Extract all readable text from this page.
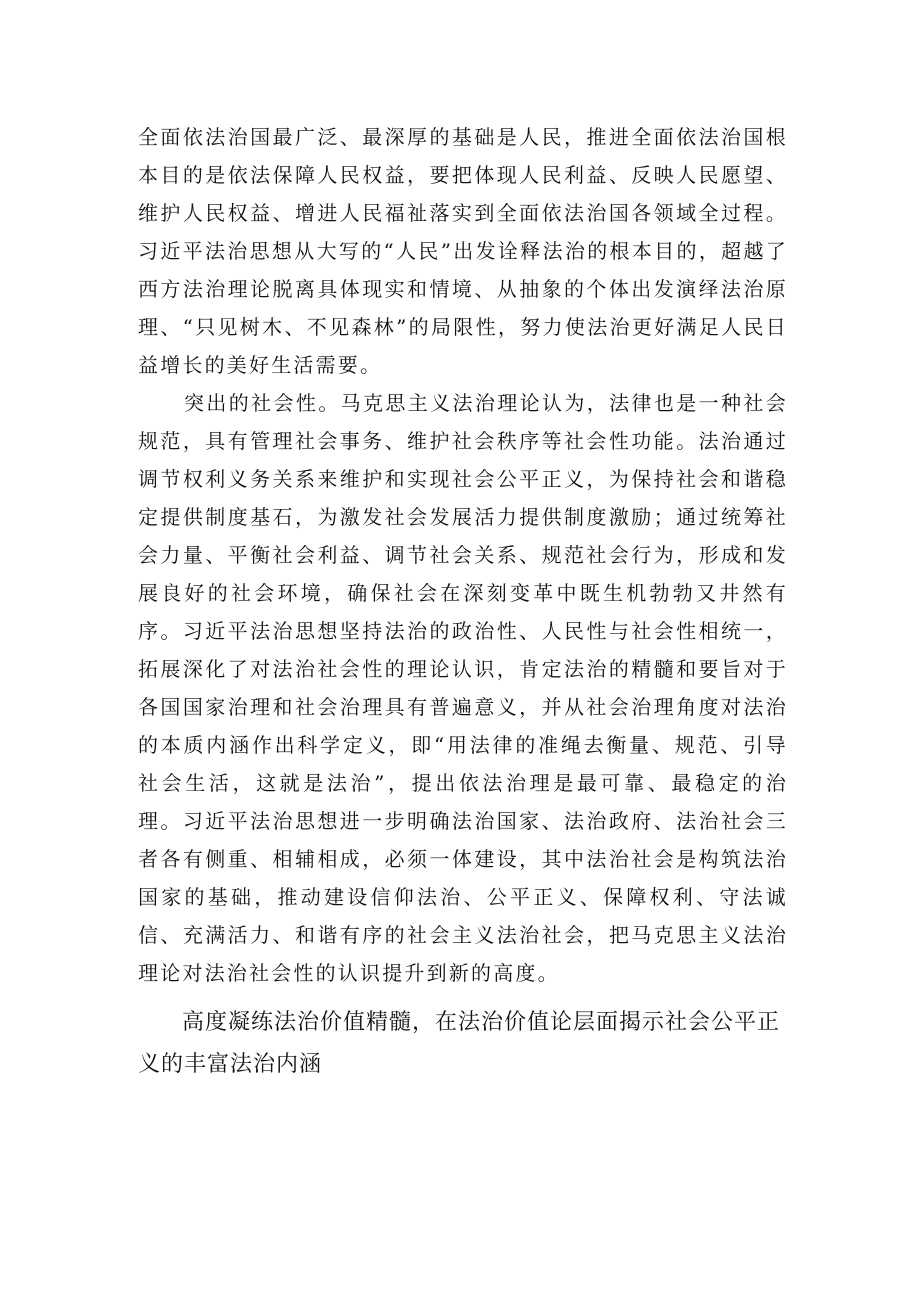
全面依法治国最广泛、最深厚的基础是人民，推进全面依法治国根本目的是依法保障人民权益，要把体现人民利益、反映人民愿望、维护人民权益、增进人民福祉落实到全面依法治国各领域全过程。习近平法治思想从大写的“人民”出发诠释法治的根本目的，超越了西方法治理论脱离具体现实和情境、从抽象的个体出发演绎法治原理、“只见树木、不见森林”的局限性，努力使法治更好满足人民日益增长的美好生活需要。

突出的社会性。马克思主义法治理论认为，法律也是一种社会规范，具有管理社会事务、维护社会秩序等社会性功能。法治通过调节权利义务关系来维护和实现社会公平正义，为保持社会和谐稳定提供制度基石，为激发社会发展活力提供制度激励；通过统筹社会力量、平衡社会利益、调节社会关系、规范社会行为，形成和发展良好的社会环境，确保社会在深刻变革中既生机勃勃又井然有序。习近平法治思想坚持法治的政治性、人民性与社会性相统一，拓展深化了对法治社会性的理论认识，肯定法治的精髓和要旨对于各国国家治理和社会治理具有普遍意义，并从社会治理角度对法治的本质内涵作出科学定义，即“用法律的准绳去衡量、规范、引导社会生活，这就是法治”，提出依法治理是最可靠、最稳定的治理。习近平法治思想进一步明确法治国家、法治政府、法治社会三者各有侧重、相辅相成，必须一体建设，其中法治社会是构筑法治国家的基础，推动建设信仰法治、公平正义、保障权利、守法诚信、充满活力、和谐有序的社会主义法治社会，把马克思主义法治理论对法治社会性的认识提升到新的高度。

高度凝练法治价值精髓，在法治价值论层面揭示社会公平正义的丰富法治内涵
